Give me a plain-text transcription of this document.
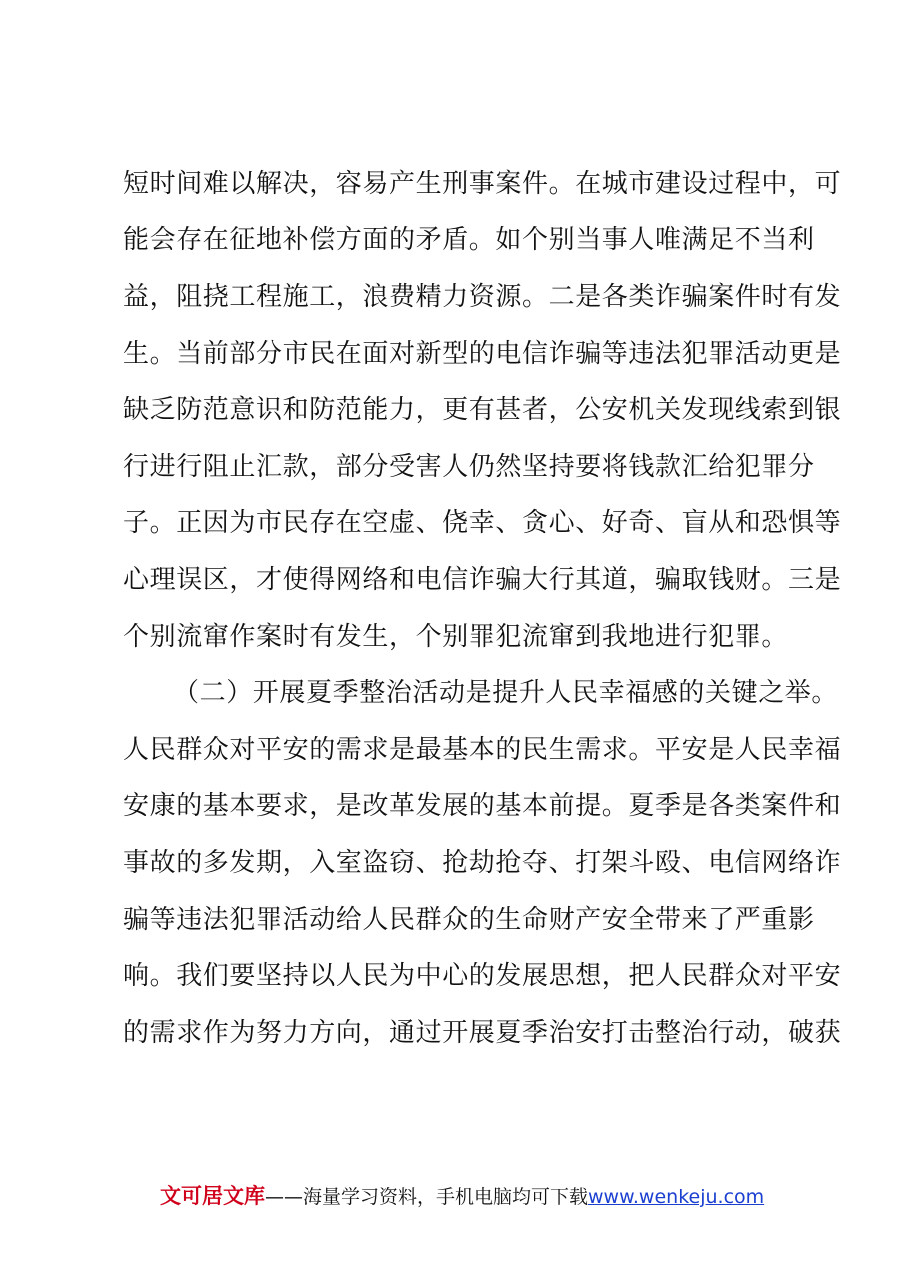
短时间难以解决，容易产生刑事案件。在城市建设过程中，可
能会存在征地补偿方面的矛盾。如个别当事人唯满足不当利
益，阻挠工程施工，浪费精力资源。二是各类诈骗案件时有发
生。当前部分市民在面对新型的电信诈骗等违法犯罪活动更是
缺乏防范意识和防范能力，更有甚者，公安机关发现线索到银
行进行阻止汇款，部分受害人仍然坚持要将钱款汇给犯罪分
子。正因为市民存在空虚、侥幸、贪心、好奇、盲从和恐惧等
心理误区，才使得网络和电信诈骗大行其道，骗取钱财。三是
个别流窜作案时有发生，个别罪犯流窜到我地进行犯罪。
（二）开展夏季整治活动是提升人民幸福感的关键之举。
人民群众对平安的需求是最基本的民生需求。平安是人民幸福
安康的基本要求，是改革发展的基本前提。夏季是各类案件和
事故的多发期，入室盗窃、抢劫抢夺、打架斗殴、电信网络诈
骗等违法犯罪活动给人民群众的生命财产安全带来了严重影
响。我们要坚持以人民为中心的发展思想，把人民群众对平安
的需求作为努力方向，通过开展夏季治安打击整治行动，破获
文可居文库——海量学习资料，手机电脑均可下载www.wenkeju.com
